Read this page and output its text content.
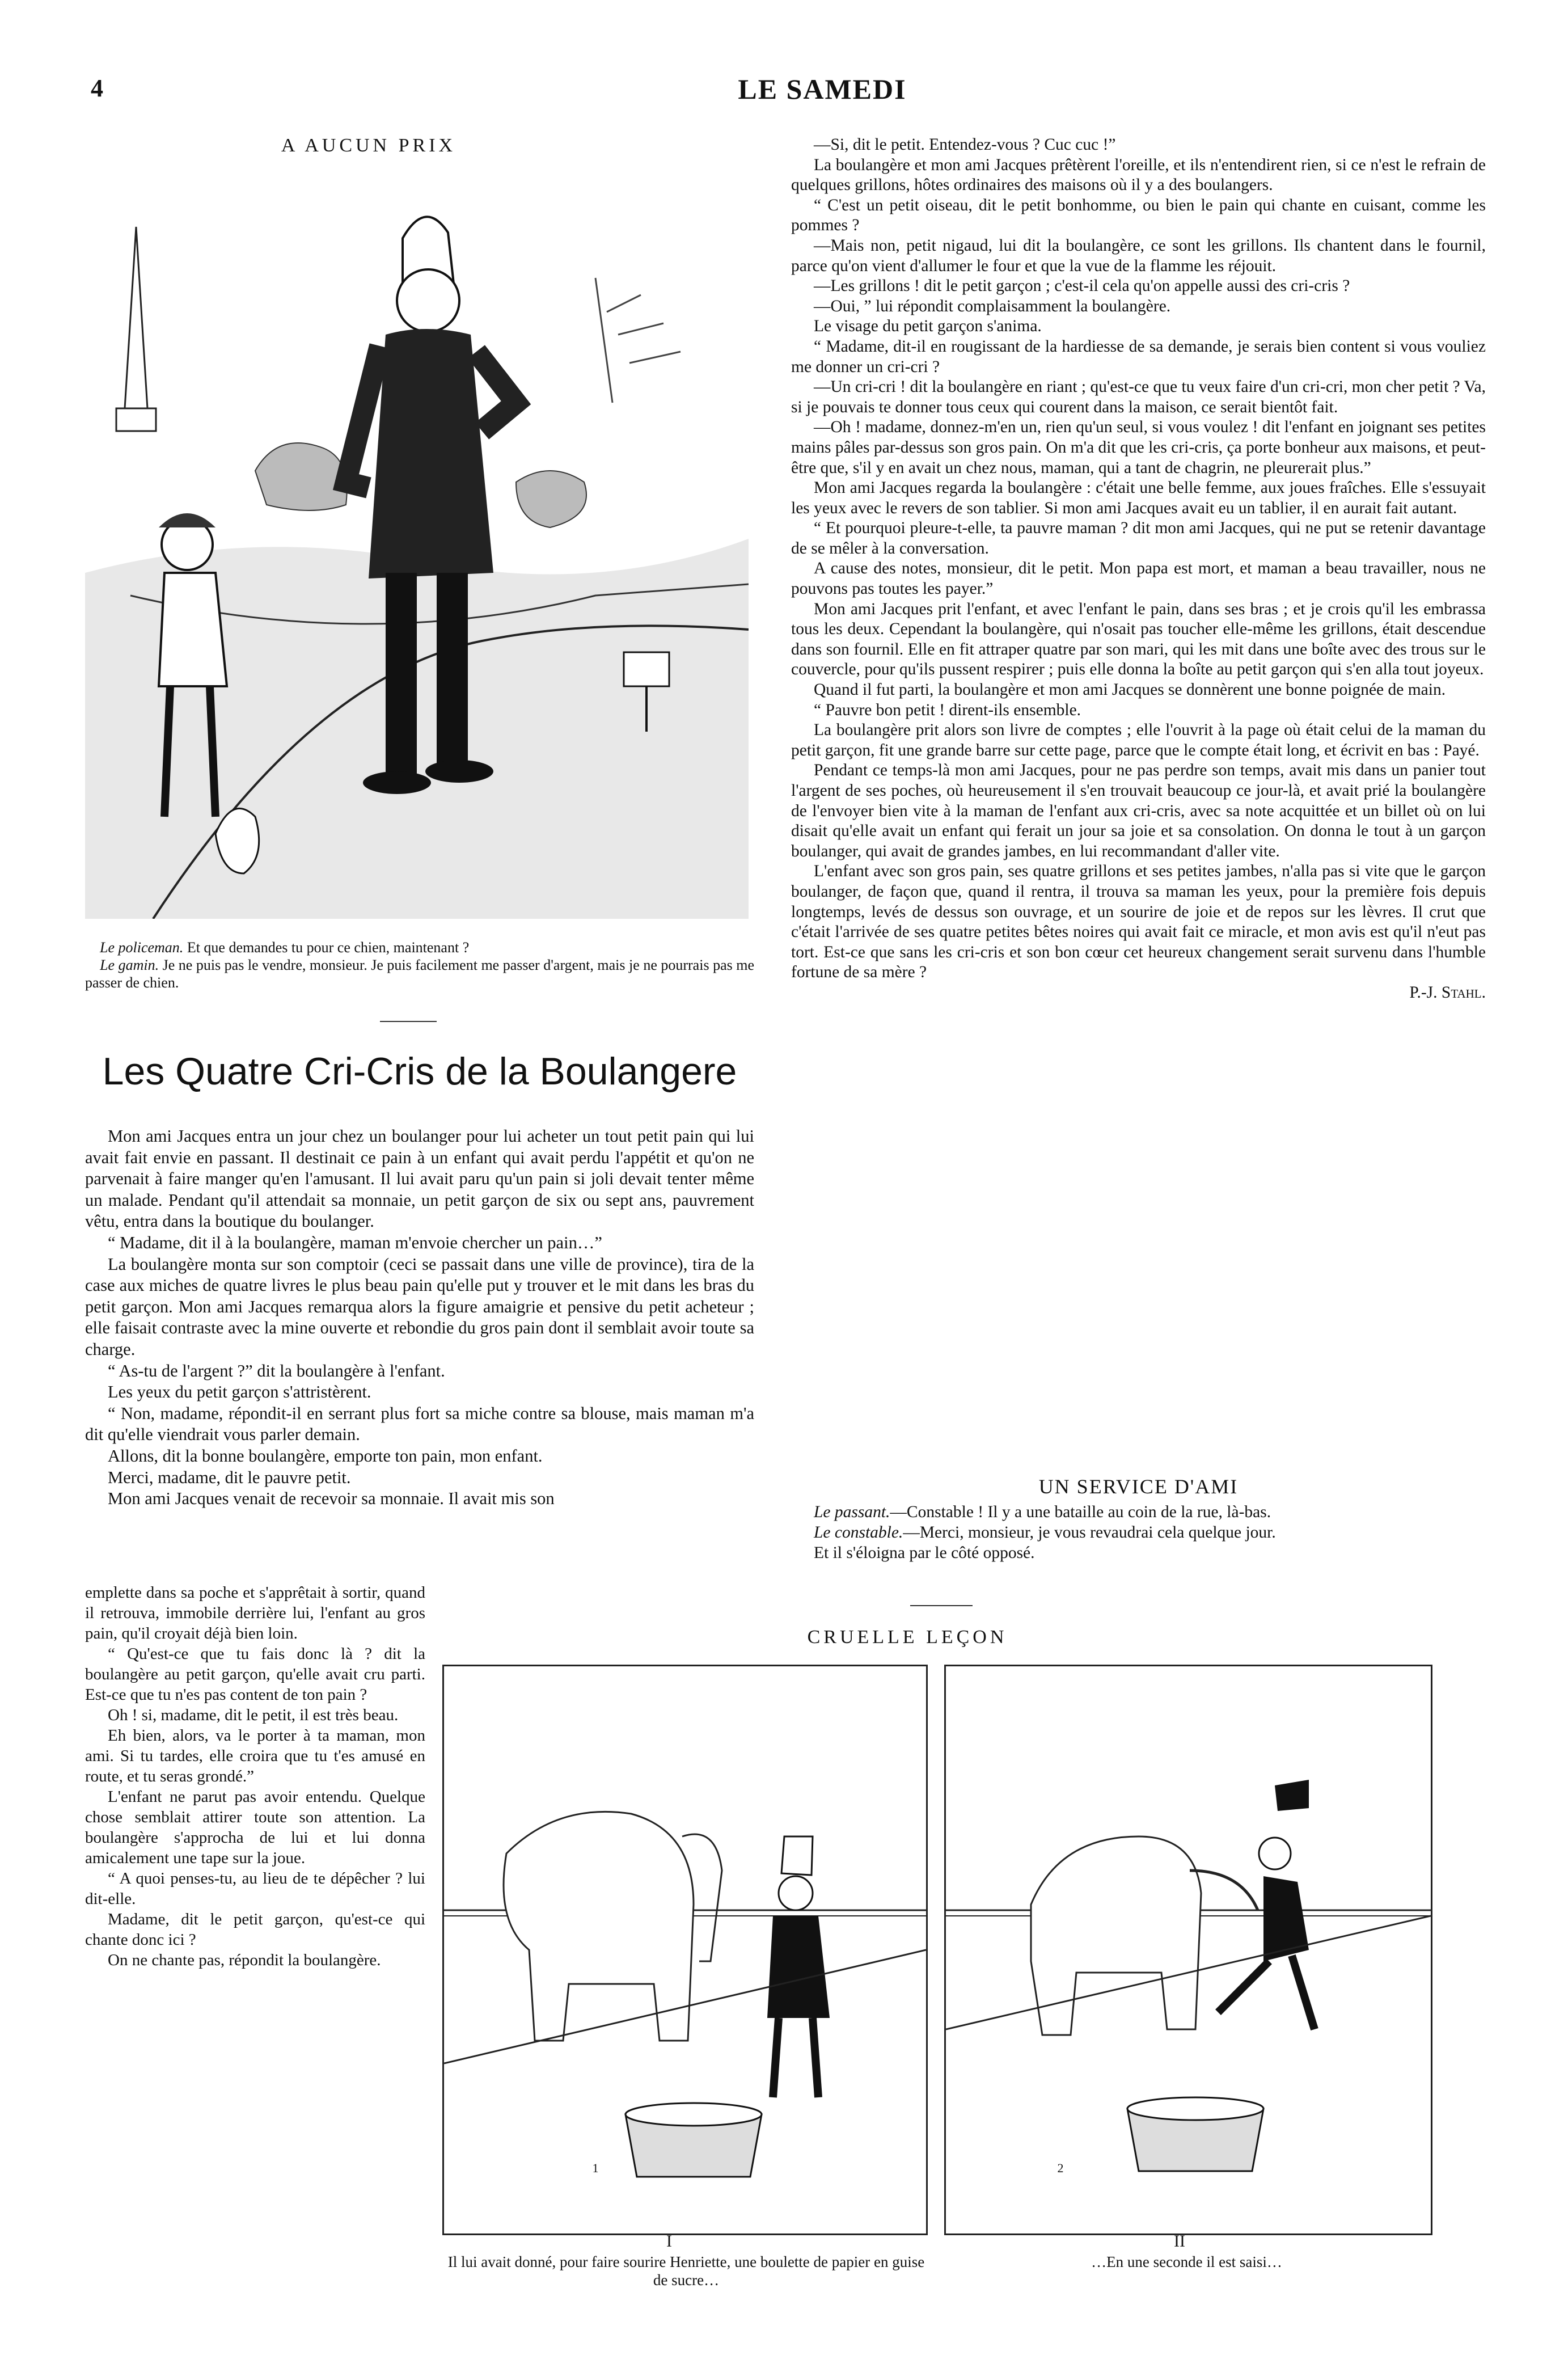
4	LE SAMEDI
A AUCUN PRIX
Le policeman. Et que demandes tu pour ce chien, maintenant ?
Le gamin. Je ne puis pas le vendre, monsieur. Je puis facilement me passer d'argent, mais je ne pourrais pas me passer de chien.
Les Quatre Cri-Cris de la Boulangere

Mon ami Jacques entra un jour chez un boulanger pour lui acheter un tout petit pain qui lui avait fait envie en passant. Il destinait ce pain à un enfant qui avait perdu l'appétit et qu'on ne parvenait à faire manger qu'en l'amusant. Il lui avait paru qu'un pain si joli devait tenter même un malade. Pendant qu'il attendait sa monnaie, un petit garçon de six ou sept ans, pauvrement vêtu, entra dans la boutique du boulanger.

“ Madame, dit il à la boulangère, maman m'envoie chercher un pain…”

La boulangère monta sur son comptoir (ceci se passait dans une ville de province), tira de la case aux miches de quatre livres le plus beau pain qu'elle put y trouver et le mit dans les bras du petit garçon. Mon ami Jacques remarqua alors la figure amaigrie et pensive du petit acheteur ; elle faisait contraste avec la mine ouverte et rebondie du gros pain dont il semblait avoir toute sa charge.

“ As-tu de l'argent ?” dit la boulangère à l'enfant.

Les yeux du petit garçon s'attristèrent.

“ Non, madame, répondit-il en serrant plus fort sa miche contre sa blouse, mais maman m'a dit qu'elle viendrait vous parler demain.

Allons, dit la bonne boulangère, emporte ton pain, mon enfant.

Merci, madame, dit le pauvre petit.

Mon ami Jacques venait de recevoir sa monnaie. Il avait mis son

emplette dans sa poche et s'apprêtait à sortir, quand il retrouva, immobile derrière lui, l'enfant au gros pain, qu'il croyait déjà bien loin.

“ Qu'est-ce que tu fais donc là ? dit la boulangère au petit garçon, qu'elle avait cru parti. Est-ce que tu n'es pas content de ton pain ?

Oh ! si, madame, dit le petit, il est très beau.

Eh bien, alors, va le porter à ta maman, mon ami. Si tu tardes, elle croira que tu t'es amusé en route, et tu seras grondé.”

L'enfant ne parut pas avoir entendu. Quelque chose semblait attirer toute son attention. La boulangère s'approcha de lui et lui donna amicalement une tape sur la joue.

“ A quoi penses-tu, au lieu de te dépêcher ? lui dit-elle.

Madame, dit le petit garçon, qu'est-ce qui chante donc ici ?

On ne chante pas, répondit la boulangère.

—Si, dit le petit. Entendez-vous ? Cuc cuc !”

La boulangère et mon ami Jacques prêtèrent l'oreille, et ils n'entendirent rien, si ce n'est le refrain de quelques grillons, hôtes ordinaires des maisons où il y a des boulangers.

“ C'est un petit oiseau, dit le petit bonhomme, ou bien le pain qui chante en cuisant, comme les pommes ?

—Mais non, petit nigaud, lui dit la boulangère, ce sont les grillons. Ils chantent dans le fournil, parce qu'on vient d'allumer le four et que la vue de la flamme les réjouit.

—Les grillons ! dit le petit garçon ; c'est-il cela qu'on appelle aussi des cri-cris ?

—Oui, ” lui répondit complaisamment la boulangère.

Le visage du petit garçon s'anima.

“ Madame, dit-il en rougissant de la hardiesse de sa demande, je serais bien content si vous vouliez me donner un cri-cri ?

—Un cri-cri ! dit la boulangère en riant ; qu'est-ce que tu veux faire d'un cri-cri, mon cher petit ? Va, si je pouvais te donner tous ceux qui courent dans la maison, ce serait bientôt fait.

—Oh ! madame, donnez-m'en un, rien qu'un seul, si vous voulez ! dit l'enfant en joignant ses petites mains pâles par-dessus son gros pain. On m'a dit que les cri-cris, ça porte bonheur aux maisons, et peut-être que, s'il y en avait un chez nous, maman, qui a tant de chagrin, ne pleurerait plus.”

Mon ami Jacques regarda la boulangère : c'était une belle femme, aux joues fraîches. Elle s'essuyait les yeux avec le revers de son tablier. Si mon ami Jacques avait eu un tablier, il en aurait fait autant.

“ Et pourquoi pleure-t-elle, ta pauvre maman ? dit mon ami Jacques, qui ne put se retenir davantage de se mêler à la conversation.

A cause des notes, monsieur, dit le petit. Mon papa est mort, et maman a beau travailler, nous ne pouvons pas toutes les payer.”

Mon ami Jacques prit l'enfant, et avec l'enfant le pain, dans ses bras ; et je crois qu'il les embrassa tous les deux. Cependant la boulangère, qui n'osait pas toucher elle-même les grillons, était descendue dans son fournil. Elle en fit attraper quatre par son mari, qui les mit dans une boîte avec des trous sur le couvercle, pour qu'ils pussent respirer ; puis elle donna la boîte au petit garçon qui s'en alla tout joyeux.

Quand il fut parti, la boulangère et mon ami Jacques se donnèrent une bonne poignée de main.

“ Pauvre bon petit ! dirent-ils ensemble.

La boulangère prit alors son livre de comptes ; elle l'ouvrit à la page où était celui de la maman du petit garçon, fit une grande barre sur cette page, parce que le compte était long, et écrivit en bas : Payé.

Pendant ce temps-là mon ami Jacques, pour ne pas perdre son temps, avait mis dans un panier tout l'argent de ses poches, où heureusement il s'en trouvait beaucoup ce jour-là, et avait prié la boulangère de l'envoyer bien vite à la maman de l'enfant aux cri-cris, avec sa note acquittée et un billet où on lui disait qu'elle avait un enfant qui ferait un jour sa joie et sa consolation. On donna le tout à un garçon boulanger, qui avait de grandes jambes, en lui recommandant d'aller vite.

L'enfant avec son gros pain, ses quatre grillons et ses petites jambes, n'alla pas si vite que le garçon boulanger, de façon que, quand il rentra, il trouva sa maman les yeux, pour la première fois depuis longtemps, levés de dessus son ouvrage, et un sourire de joie et de repos sur les lèvres. Il crut que c'était l'arrivée de ses quatre petites bêtes noires qui avait fait ce miracle, et mon avis est qu'il n'eut pas tort. Est-ce que sans les cri-cris et son bon cœur cet heureux changement serait survenu dans l'humble fortune de sa mère ?

P.-J. Stahl.
UN SERVICE D'AMI

Le passant.—Constable ! Il y a une bataille au coin de la rue, là-bas.

Le constable.—Merci, monsieur, je vous revaudrai cela quelque jour.

Et il s'éloigna par le côté opposé.

CRUELLE LEÇON
1	2
I	II
Il lui avait donné, pour faire sourire Henriette, une boulette de papier en guise de sucre…
…En une seconde il est saisi…
